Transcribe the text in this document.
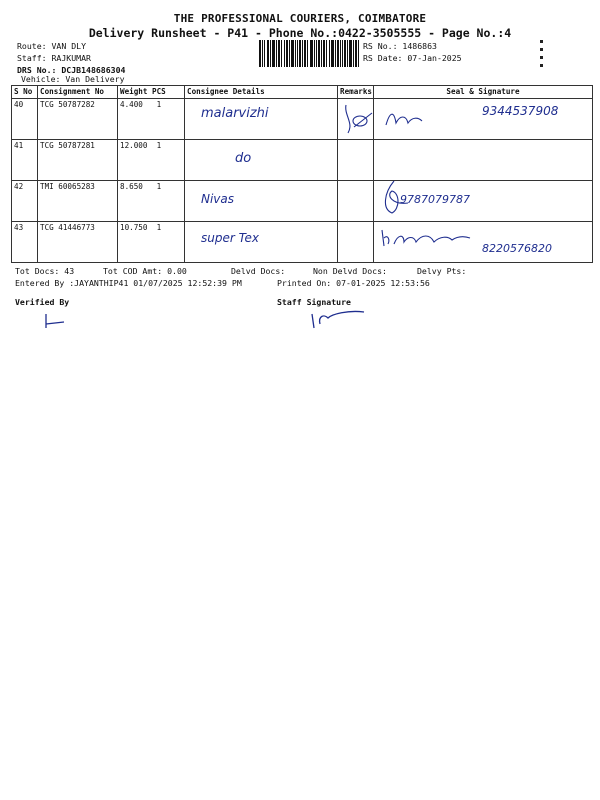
THE PROFESSIONAL COURIERS, COIMBATORE
Delivery Runsheet - P41 - Phone No.:0422-3505555 - Page No.:4
Route: VAN DLY
Staff: RAJKUMAR
DRS No.: DCJB148686304
Vehicle: Van Delivery
RS No.: 1486863
RS Date: 07-Jan-2025
S No	Consignment No	Weight PCS	Consignee Details	Remarks	Seal & Signature
40	TCG 50787282	4.400 1	malarvizhi		9344537908

41	TCG 50787281	12.000 1	do		
42	TMI 60065283	8.650 1	Nivas		9787079787

43	TCG 41446773	10.750 1	super Tex		8220576820
Tot Docs: 43	Tot COD Amt: 0.00	Delvd Docs:	Non Delvd Docs:	Delvy Pts:
Entered By :JAYANTHIP41 01/07/2025 12:52:39 PM	Printed On: 07-01-2025 12:53:56
Verified By	Staff Signature
